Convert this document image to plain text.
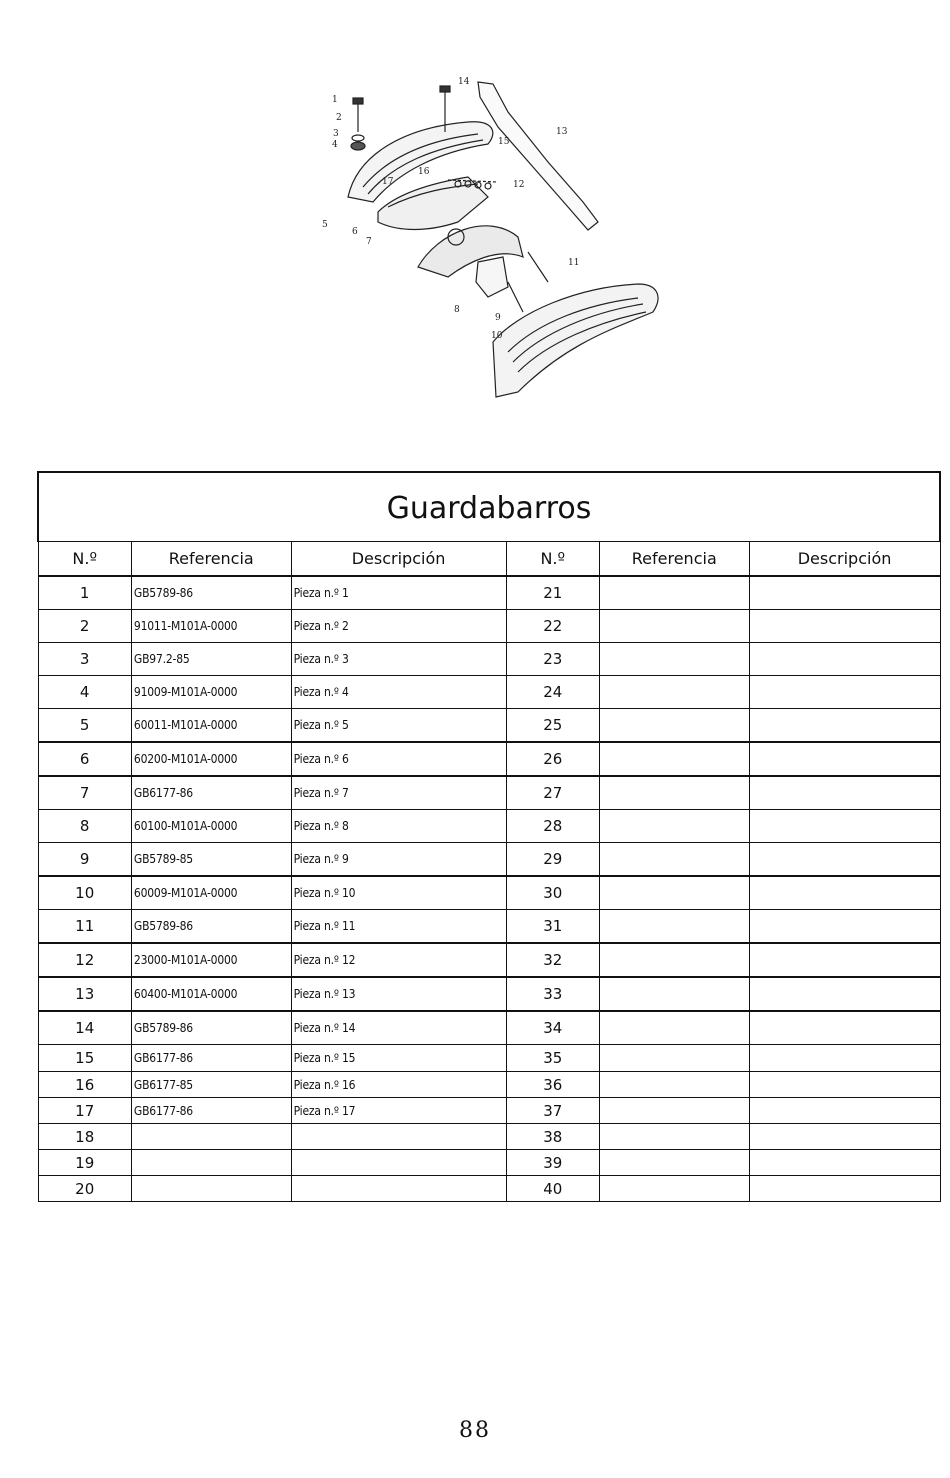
1
2
3
4
5
6
7
8
9
10
11
12
13
14
15
16
17
Guardabarros					
N.º	Referencia	Descripción	N.º	Referencia	Descripción
1	GB5789-86	Pieza n.º 1	21		
2	91011-M101A-0000	Pieza n.º 2	22		
3	GB97.2-85	Pieza n.º 3	23		
4	91009-M101A-0000	Pieza n.º 4	24		
5	60011-M101A-0000	Pieza n.º 5	25		
6	60200-M101A-0000	Pieza n.º 6	26		
7	GB6177-86	Pieza n.º 7	27		
8	60100-M101A-0000	Pieza n.º 8	28		
9	GB5789-85	Pieza n.º 9	29		
10	60009-M101A-0000	Pieza n.º 10	30		
11	GB5789-86	Pieza n.º 11	31		
12	23000-M101A-0000	Pieza n.º 12	32		
13	60400-M101A-0000	Pieza n.º 13	33		
14	GB5789-86	Pieza n.º 14	34		
15	GB6177-86	Pieza n.º 15	35		
16	GB6177-85	Pieza n.º 16	36		
17	GB6177-86	Pieza n.º 17	37		
18			38		
19			39		
20			40		
88
